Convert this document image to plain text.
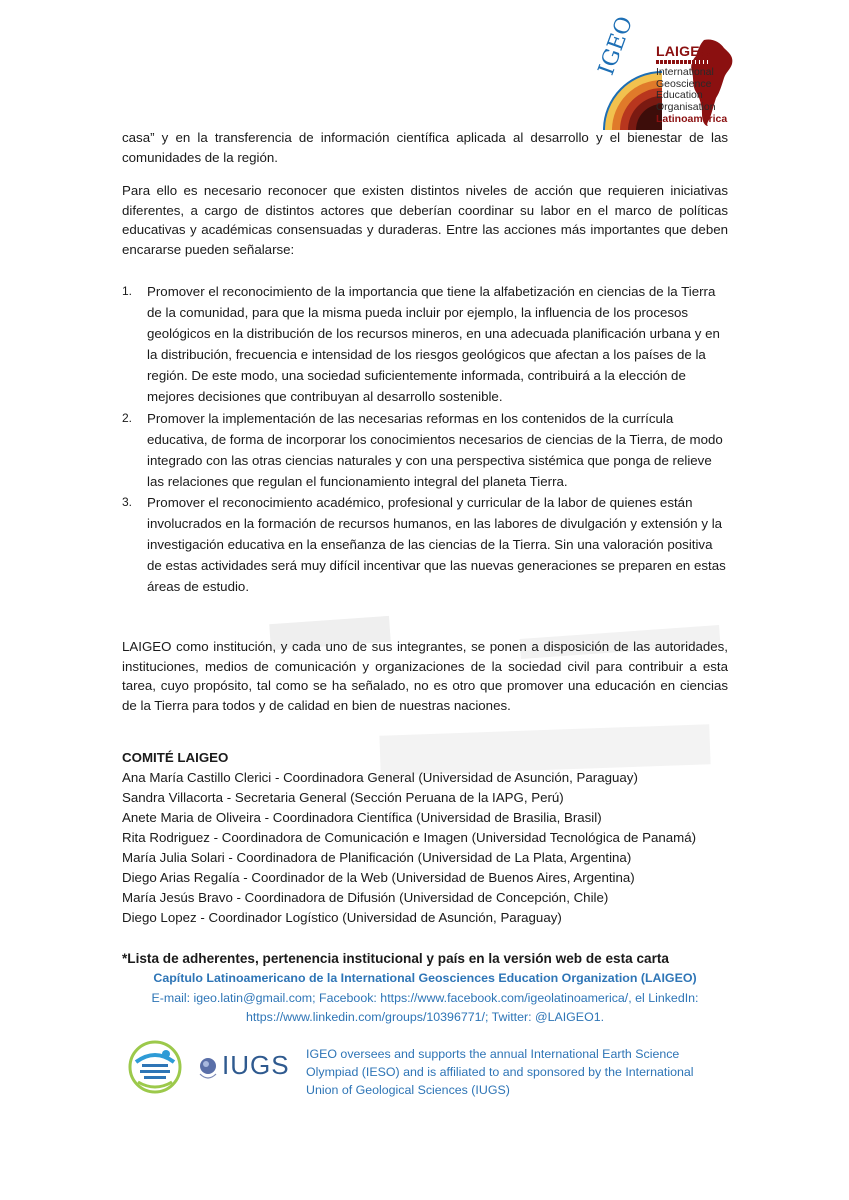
IGEO LAIGEO
International
Geoscience
Education
Organisation
Latinoamérica
casa” y en la transferencia de información científica aplicada al desarrollo y el bienestar de las comunidades de la región.
Para ello es necesario reconocer que existen distintos niveles de acción que requieren iniciativas diferentes, a cargo de distintos actores que deberían coordinar su labor en el marco de políticas educativas y académicas consensuadas y duraderas. Entre las acciones más importantes que deben encararse pueden señalarse:
1. Promover el reconocimiento de la importancia que tiene la alfabetización en ciencias de la Tierra de la comunidad, para que la misma pueda incluir por ejemplo, la influencia de los procesos geológicos en la distribución de los recursos mineros, en una adecuada planificación urbana y en la distribución, frecuencia e intensidad de los riesgos geológicos que afectan a los países de la región. De este modo, una sociedad suficientemente informada, contribuirá a la elección de mejores decisiones que contribuyan al desarrollo sostenible.
2. Promover la implementación de las necesarias reformas en los contenidos de la currícula educativa, de forma de incorporar los conocimientos necesarios de ciencias de la Tierra, de modo integrado con las otras ciencias naturales y con una perspectiva sistémica que ponga de relieve las relaciones que regulan el funcionamiento integral del planeta Tierra.
3. Promover el reconocimiento académico, profesional y curricular de la labor de quienes están involucrados en la formación de recursos humanos, en las labores de divulgación y extensión y la investigación educativa en la enseñanza de las ciencias de la Tierra. Sin una valoración positiva de estas actividades será muy difícil incentivar que las nuevas generaciones se preparen en estas áreas de estudio.
LAIGEO como institución, y cada uno de sus integrantes, se ponen a disposición de las autoridades, instituciones, medios de comunicación y organizaciones de la sociedad civil para contribuir a esta tarea, cuyo propósito, tal como se ha señalado, no es otro que promover una educación en ciencias de la Tierra para todos y de calidad en bien de nuestras naciones.
COMITÉ LAIGEO
Ana María Castillo Clerici - Coordinadora General (Universidad de Asunción, Paraguay)
Sandra Villacorta - Secretaria General (Sección Peruana de la IAPG, Perú)
Anete Maria de Oliveira - Coordinadora Científica (Universidad de Brasilia, Brasil)
Rita Rodriguez - Coordinadora de Comunicación e Imagen (Universidad Tecnológica de Panamá)
María Julia Solari - Coordinadora de Planificación (Universidad de La Plata, Argentina)
Diego Arias Regalía - Coordinador de la Web (Universidad de Buenos Aires, Argentina)
María Jesús Bravo - Coordinadora de Difusión (Universidad de Concepción, Chile)
Diego Lopez - Coordinador Logístico (Universidad de Asunción, Paraguay)
*Lista de adherentes, pertenencia institucional y país en la versión web de esta carta
Capítulo Latinoamericano de la International Geosciences Education Organization (LAIGEO)
E-mail: igeo.latin@gmail.com; Facebook: https://www.facebook.com/igeolatinoamerica/, el LinkedIn:
https://www.linkedin.com/groups/10396771/; Twitter: @LAIGEO1.
IUGS IGEO oversees and supports the annual International Earth Science Olympiad (IESO) and is affiliated to and sponsored by the International Union of Geological Sciences (IUGS)
